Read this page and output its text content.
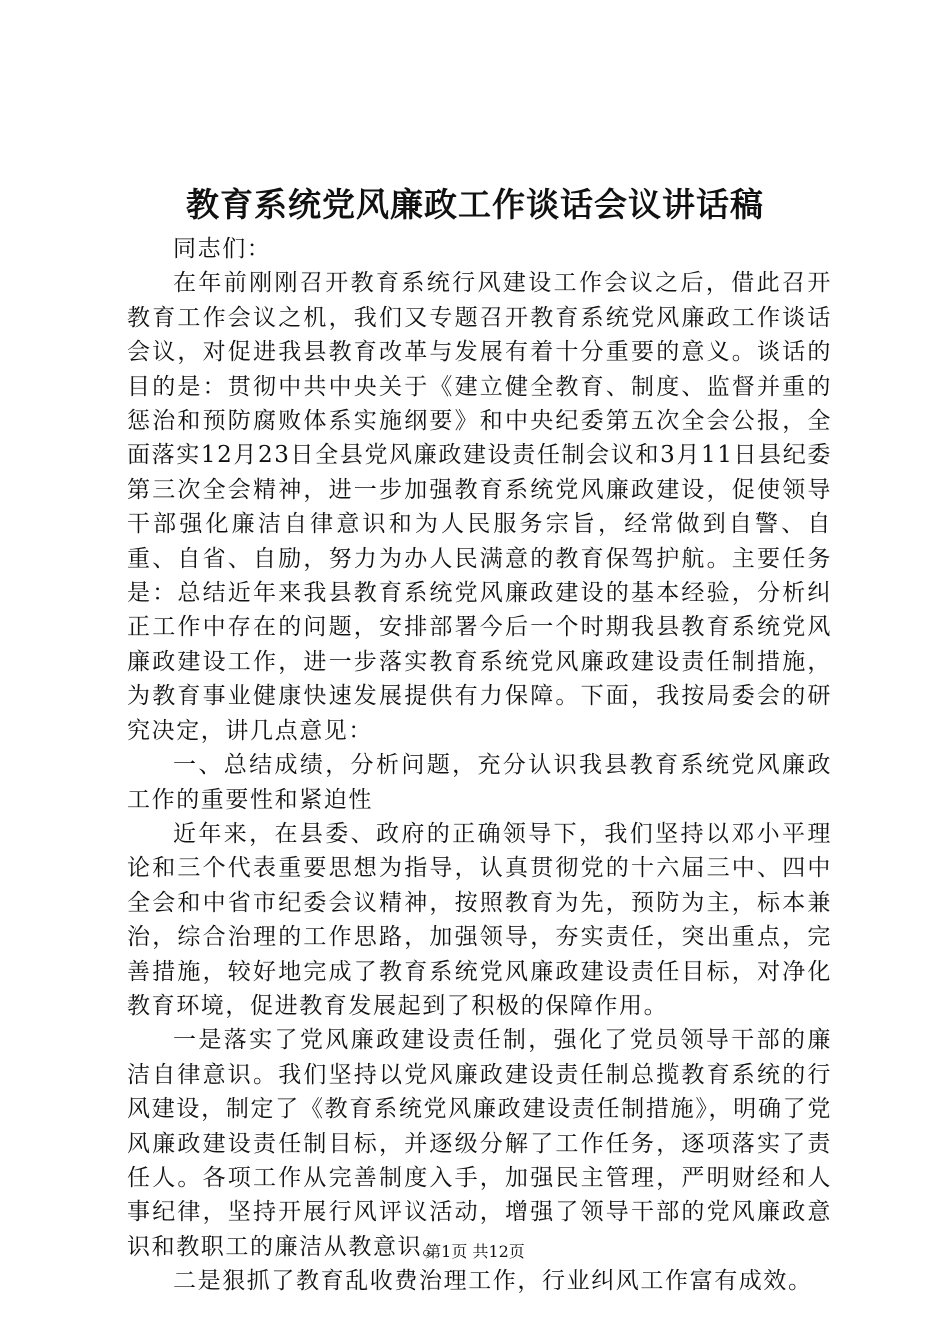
教育系统党风廉政工作谈话会议讲话稿

同志们：

在年前刚刚召开教育系统行风建设工作会议之后，借此召开教育工作会议之机，我们又专题召开教育系统党风廉政工作谈话会议，对促进我县教育改革与发展有着十分重要的意义。谈话的目的是：贯彻中共中央关于《建立健全教育、制度、监督并重的惩治和预防腐败体系实施纲要》和中央纪委第五次全会公报，全面落实12月23日全县党风廉政建设责任制会议和3月11日县纪委第三次全会精神，进一步加强教育系统党风廉政建设，促使领导干部强化廉洁自律意识和为人民服务宗旨，经常做到自警、自重、自省、自励，努力为办人民满意的教育保驾护航。主要任务是：总结近年来我县教育系统党风廉政建设的基本经验，分析纠正工作中存在的问题，安排部署今后一个时期我县教育系统党风廉政建设工作，进一步落实教育系统党风廉政建设责任制措施，为教育事业健康快速发展提供有力保障。下面，我按局委会的研究决定，讲几点意见：

一、总结成绩，分析问题，充分认识我县教育系统党风廉政工作的重要性和紧迫性

近年来，在县委、政府的正确领导下，我们坚持以邓小平理论和三个代表重要思想为指导，认真贯彻党的十六届三中、四中全会和中省市纪委会议精神，按照教育为先，预防为主，标本兼治，综合治理的工作思路，加强领导，夯实责任，突出重点，完善措施，较好地完成了教育系统党风廉政建设责任目标，对净化教育环境，促进教育发展起到了积极的保障作用。

一是落实了党风廉政建设责任制，强化了党员领导干部的廉洁自律意识。我们坚持以党风廉政建设责任制总揽教育系统的行风建设，制定了《教育系统党风廉政建设责任制措施》，明确了党风廉政建设责任制目标，并逐级分解了工作任务，逐项落实了责任人。各项工作从完善制度入手，加强民主管理，严明财经和人事纪律，坚持开展行风评议活动，增强了领导干部的党风廉政意识和教职工的廉洁从教意识。

二是狠抓了教育乱收费治理工作，行业纠风工作富有成效。

第1页 共12页
